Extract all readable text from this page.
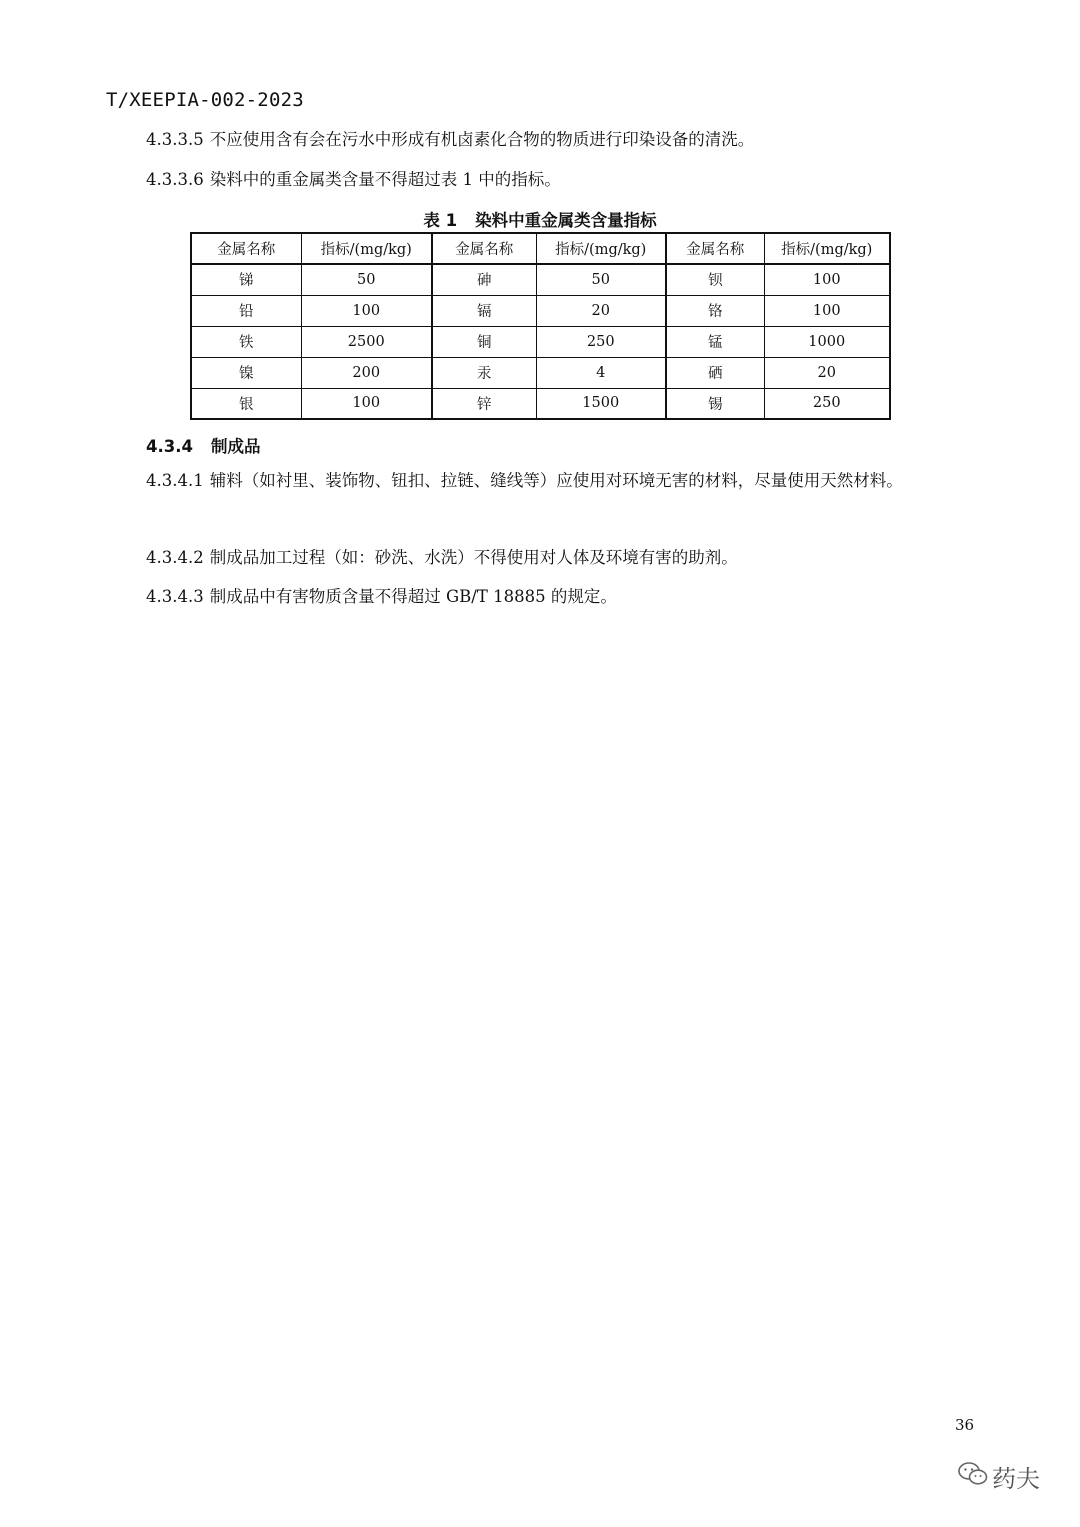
T/XEEPIA-002-2023
4.3.3.5 不应使用含有会在污水中形成有机卤素化合物的物质进行印染设备的清洗。
4.3.3.6 染料中的重金属类含量不得超过表 1 中的指标。
表 1 染料中重金属类含量指标
金属名称	指标/(mg/kg)	金属名称	指标/(mg/kg)	金属名称	指标/(mg/kg)
锑	50	砷	50	钡	100
铅	100	镉	20	铬	100
铁	2500	铜	250	锰	1000
镍	200	汞	4	硒	20
银	100	锌	1500	锡	250
4.3.4 制成品
4.3.4.1 辅料（如衬里、装饰物、钮扣、拉链、缝线等）应使用对环境无害的材料，尽量使用天然材料。
4.3.4.2 制成品加工过程（如：砂洗、水洗）不得使用对人体及环境有害的助剂。
4.3.4.3 制成品中有害物质含量不得超过 GB/T 18885 的规定。
36
药夫
